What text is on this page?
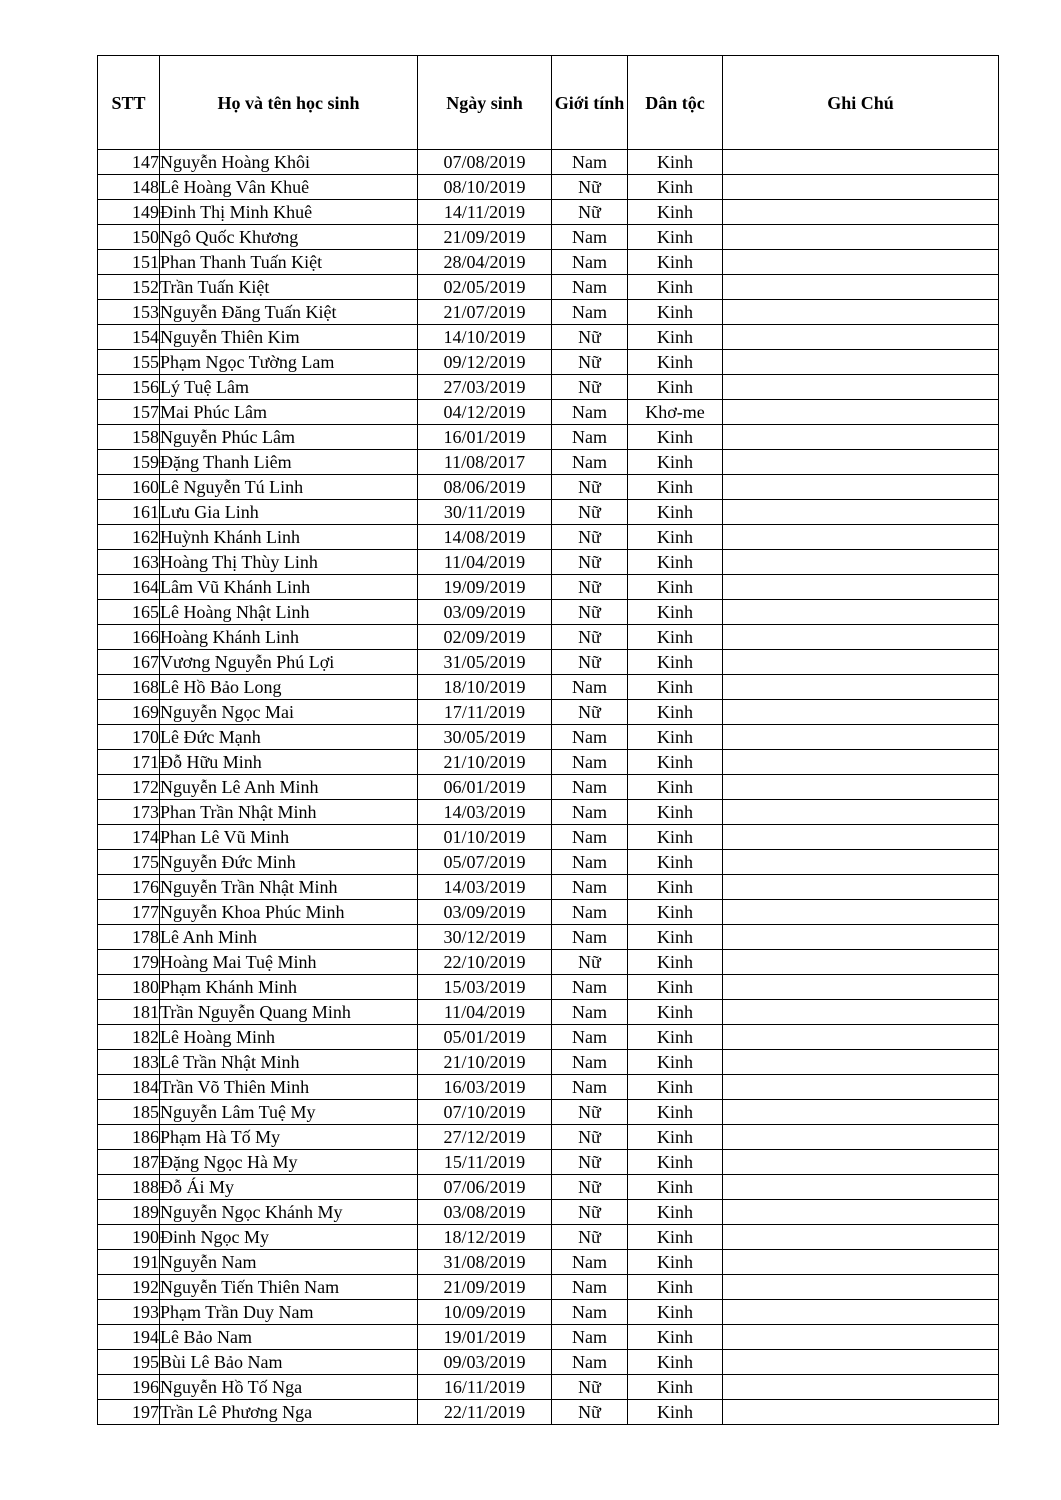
STT	Họ và tên học sinh	Ngày sinh	Giới tính	Dân tộc	Ghi Chú
147	Nguyễn Hoàng Khôi	07/08/2019	Nam	Kinh	
148	Lê Hoàng Vân Khuê	08/10/2019	Nữ	Kinh	
149	Đinh Thị Minh Khuê	14/11/2019	Nữ	Kinh	
150	Ngô Quốc Khương	21/09/2019	Nam	Kinh	
151	Phan Thanh Tuấn Kiệt	28/04/2019	Nam	Kinh	
152	Trần Tuấn Kiệt	02/05/2019	Nam	Kinh	
153	Nguyễn Đăng Tuấn Kiệt	21/07/2019	Nam	Kinh	
154	Nguyễn Thiên Kim	14/10/2019	Nữ	Kinh	
155	Phạm Ngọc Tường Lam	09/12/2019	Nữ	Kinh	
156	Lý Tuệ Lâm	27/03/2019	Nữ	Kinh	
157	Mai Phúc Lâm	04/12/2019	Nam	Khơ-me	
158	Nguyễn Phúc Lâm	16/01/2019	Nam	Kinh	
159	Đặng Thanh Liêm	11/08/2017	Nam	Kinh	
160	Lê Nguyễn Tú Linh	08/06/2019	Nữ	Kinh	
161	Lưu Gia Linh	30/11/2019	Nữ	Kinh	
162	Huỳnh Khánh Linh	14/08/2019	Nữ	Kinh	
163	Hoàng Thị Thùy Linh	11/04/2019	Nữ	Kinh	
164	Lâm Vũ Khánh Linh	19/09/2019	Nữ	Kinh	
165	Lê Hoàng Nhật Linh	03/09/2019	Nữ	Kinh	
166	Hoàng Khánh Linh	02/09/2019	Nữ	Kinh	
167	Vương Nguyễn Phú Lợi	31/05/2019	Nữ	Kinh	
168	Lê Hồ Bảo Long	18/10/2019	Nam	Kinh	
169	Nguyễn Ngọc Mai	17/11/2019	Nữ	Kinh	
170	Lê Đức Mạnh	30/05/2019	Nam	Kinh	
171	Đỗ Hữu Minh	21/10/2019	Nam	Kinh	
172	Nguyễn Lê Anh Minh	06/01/2019	Nam	Kinh	
173	Phan Trần Nhật Minh	14/03/2019	Nam	Kinh	
174	Phan Lê Vũ Minh	01/10/2019	Nam	Kinh	
175	Nguyễn Đức Minh	05/07/2019	Nam	Kinh	
176	Nguyễn Trần Nhật Minh	14/03/2019	Nam	Kinh	
177	Nguyễn Khoa Phúc Minh	03/09/2019	Nam	Kinh	
178	Lê Anh Minh	30/12/2019	Nam	Kinh	
179	Hoàng Mai Tuệ Minh	22/10/2019	Nữ	Kinh	
180	Phạm Khánh Minh	15/03/2019	Nam	Kinh	
181	Trần Nguyễn Quang Minh	11/04/2019	Nam	Kinh	
182	Lê Hoàng Minh	05/01/2019	Nam	Kinh	
183	Lê Trần Nhật Minh	21/10/2019	Nam	Kinh	
184	Trần Võ Thiên Minh	16/03/2019	Nam	Kinh	
185	Nguyễn Lâm Tuệ My	07/10/2019	Nữ	Kinh	
186	Phạm Hà Tố My	27/12/2019	Nữ	Kinh	
187	Đặng Ngọc Hà My	15/11/2019	Nữ	Kinh	
188	Đỗ Ái My	07/06/2019	Nữ	Kinh	
189	Nguyễn Ngọc Khánh My	03/08/2019	Nữ	Kinh	
190	Đinh Ngọc My	18/12/2019	Nữ	Kinh	
191	Nguyễn Nam	31/08/2019	Nam	Kinh	
192	Nguyễn Tiến Thiên Nam	21/09/2019	Nam	Kinh	
193	Phạm Trần Duy Nam	10/09/2019	Nam	Kinh	
194	Lê Bảo Nam	19/01/2019	Nam	Kinh	
195	Bùi Lê Bảo Nam	09/03/2019	Nam	Kinh	
196	Nguyễn Hồ Tố Nga	16/11/2019	Nữ	Kinh	
197	Trần Lê Phương Nga	22/11/2019	Nữ	Kinh	
